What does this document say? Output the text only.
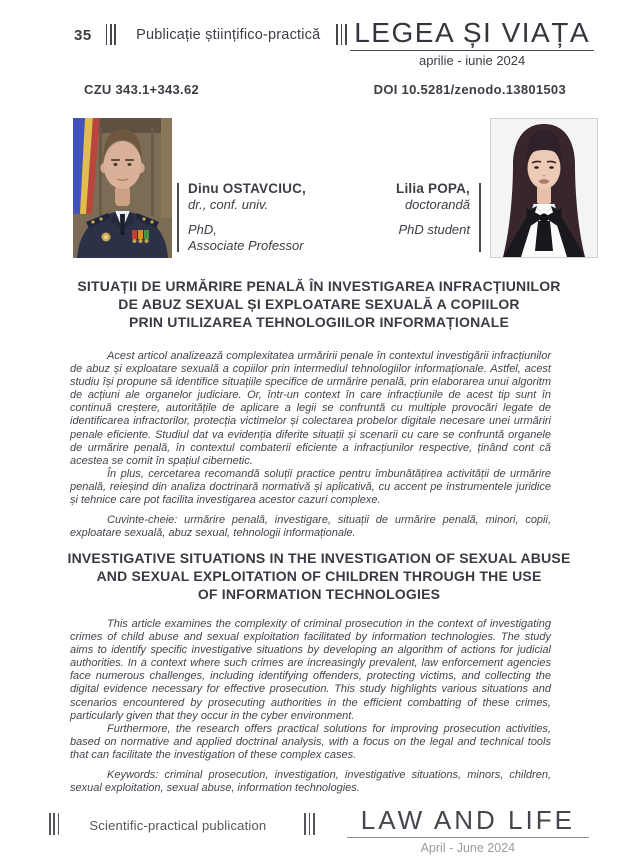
35	Publicație științifico-practică LEGEA ȘI VIAȚA
aprilie - iunie 2024
CZU 343.1+343.62	DOI 10.5281/zenodo.13801503
Dinu OSTAVCIUC,
dr., conf. univ.
PhD,
Associate Professor
Lilia POPA,
doctorandă
PhD student
SITUAȚII DE URMĂRIRE PENALĂ ÎN INVESTIGAREA INFRACȚIUNILOR
DE ABUZ SEXUAL ȘI EXPLOATARE SEXUALĂ A COPIILOR
PRIN UTILIZAREA TEHNOLOGIILOR INFORMAȚIONALE

Acest articol analizează complexitatea urmăririi penale în contextul investigării infracțiunilor de abuz și exploatare sexuală a copiilor prin intermediul tehnologiilor informaționale. Astfel, acest studiu își propune să identifice situațiile specifice de urmărire penală, prin elaborarea unui algoritm de acțiuni ale organelor judiciare. Or, într-un context în care infracțiunile de acest tip sunt în continuă creștere, autoritățile de aplicare a legii se confruntă cu multiple provocări legate de identificarea infractorilor, protecția victimelor și colectarea probelor digitale necesare unei urmăriri penale eficiente. Studiul dat va evidenția diferite situații și scenarii cu care se confruntă organele de urmărire penală, în contextul combaterii eficiente a infracțiunilor respective, ținând cont că acestea se comit în spațiul cibernetic.

În plus, cercetarea recomandă soluții practice pentru îmbunătățirea activității de urmărire penală, reieșind din analiza doctrinară normativă și aplicativă, cu accent pe instrumentele juridice și tehnice care pot facilita investigarea acestor cazuri complexe.

Cuvinte-cheie: urmărire penală, investigare, situații de urmărire penală, minori, copii, exploatare sexuală, abuz sexual, tehnologii informaționale.

INVESTIGATIVE SITUATIONS IN THE INVESTIGATION OF SEXUAL ABUSE
AND SEXUAL EXPLOITATION OF CHILDREN THROUGH THE USE
OF INFORMATION TECHNOLOGIES

This article examines the complexity of criminal prosecution in the context of investigating crimes of child abuse and sexual exploitation facilitated by information technologies. The study aims to identify specific investigative situations by developing an algorithm of actions for judicial authorities. In a context where such crimes are increasingly prevalent, law enforcement agencies face numerous challenges, including identifying offenders, protecting victims, and collecting the digital evidence necessary for effective prosecution. This study highlights various situations and scenarios encountered by prosecuting authorities in the efficient combatting of these crimes, particularly given that they occur in the cyber environment.

Furthermore, the research offers practical solutions for improving prosecution activities, based on normative and applied doctrinal analysis, with a focus on the legal and technical tools that can facilitate the investigation of these complex cases.

Keywords: criminal prosecution, investigation, investigative situations, minors, children, sexual exploitation, sexual abuse, information technologies.

Scientific-practical publication	LAW AND LIFE
April - June 2024
